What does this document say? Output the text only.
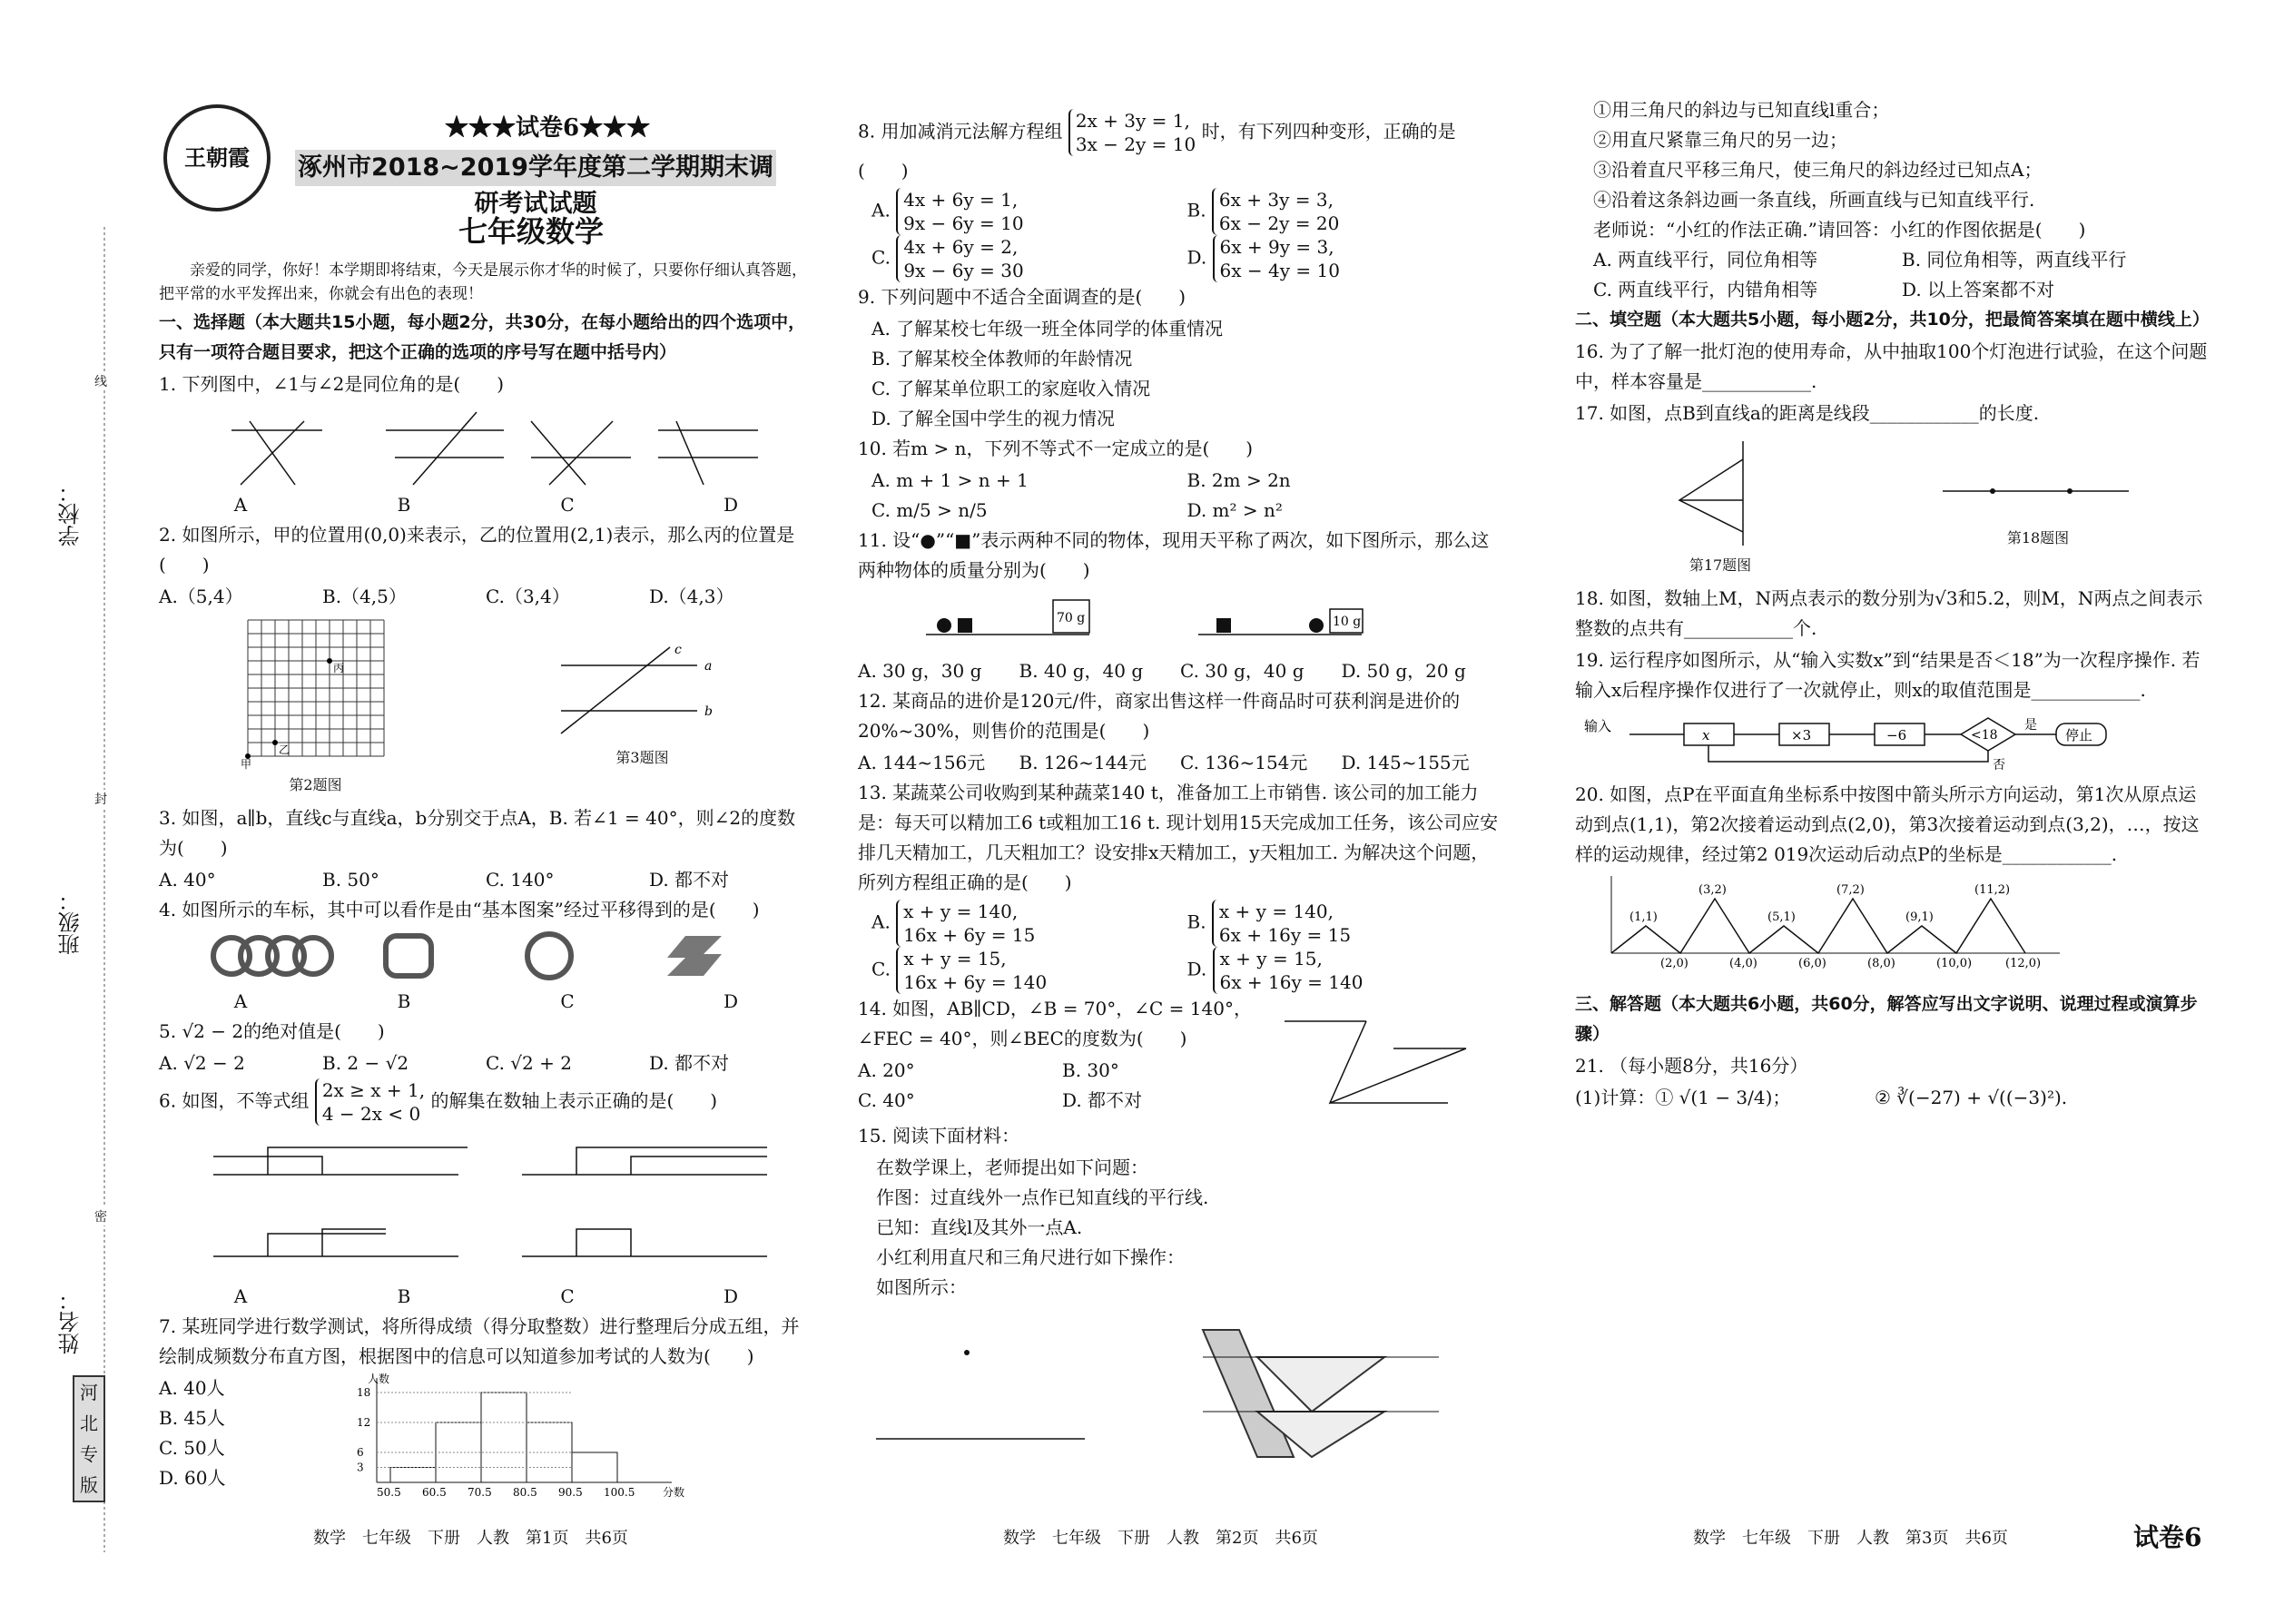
学校：
班级：
姓名：
线
封
密
河北专版
王朝霞
★★★试卷6★★★
涿州市2018~2019学年度第二学期期末调研考试试题
七年级数学
亲爱的同学，你好！本学期即将结束，今天是展示你才华的时候了，只要你仔细认真答题，把平常的水平发挥出来，你就会有出色的表现！
一、选择题（本大题共15小题，每小题2分，共30分，在每小题给出的四个选项中，只有一项符合题目要求，把这个正确的选项的序号写在题中括号内）
1. 下列图中，∠1与∠2是同位角的是(　　)
A	B	C	D
2. 如图所示，甲的位置用(0,0)来表示，乙的位置用(2,1)表示，那么丙的位置是(　　)
A.（5,4）	B.（4,5）	C.（3,4）	D.（4,3）
甲
乙
丙
第2题图
a
b
c
第3题图
3. 如图，a∥b，直线c与直线a，b分别交于点A，B. 若∠1 = 40°，则∠2的度数为(　　)
A. 40°	B. 50°	C. 140°	D. 都不对
4. 如图所示的车标，其中可以看作是由“基本图案”经过平移得到的是(　　)
A	B	C	D
5. √2 − 2的绝对值是(　　)
A. √2 − 2	B. 2 − √2	C. √2 + 2	D. 都不对
6. 如图，不等式组 2x ≥ x + 1,
4 − 2x < 0 的解集在数轴上表示正确的是(　　)
A	B	C	D
7. 某班同学进行数学测试，将所得成绩（得分取整数）进行整理后分成五组，并绘制成频数分布直方图，根据图中的信息可以知道参加考试的人数为(　　)
A. 40人
B. 45人
C. 50人
D. 60人
50.5 60.5 70.5 80.5 90.5 100.5
3
6
12
18
人数
分数
8. 用加减消元法解方程组 2x + 3y = 1,
3x − 2y = 10 时，有下列四种变形，正确的是(　　)
A. 4x + 6y = 1,
9x − 6y = 10
B. 6x + 3y = 3,
6x − 2y = 20
C. 4x + 6y = 2,
9x − 6y = 30
D. 6x + 9y = 3,
6x − 4y = 10
9. 下列问题中不适合全面调查的是(　　)
A. 了解某校七年级一班全体同学的体重情况
B. 了解某校全体教师的年龄情况
C. 了解某单位职工的家庭收入情况
D. 了解全国中学生的视力情况
10. 若m > n，下列不等式不一定成立的是(　　)
A. m + 1 > n + 1	B. 2m > 2n
C. m/5 > n/5	D. m² > n²
11. 设“●”“■”表示两种不同的物体，现用天平称了两次，如下图所示，那么这两种物体的质量分别为(　　)
70 g	10 g
A. 30 g，30 g	B. 40 g，40 g	C. 30 g，40 g	D. 50 g，20 g
12. 某商品的进价是120元/件，商家出售这样一件商品时可获利润是进价的20%~30%，则售价的范围是(　　)
A. 144~156元	B. 126~144元	C. 136~154元	D. 145~155元
13. 某蔬菜公司收购到某种蔬菜140 t，准备加工上市销售. 该公司的加工能力是：每天可以精加工6 t或粗加工16 t. 现计划用15天完成加工任务，该公司应安排几天精加工，几天粗加工？设安排x天精加工，y天粗加工. 为解决这个问题，所列方程组正确的是(　　)
A. x + y = 140,
16x + 6y = 15
B. x + y = 140,
6x + 16y = 15
C. x + y = 15,
16x + 6y = 140
D. x + y = 15,
6x + 16y = 140
14. 如图，AB∥CD，∠B = 70°，∠C = 140°，∠FEC = 40°，则∠BEC的度数为(　　)
A. 20°	B. 30°
C. 40°	D. 都不对
15. 阅读下面材料：
在数学课上，老师提出如下问题：
作图：过直线外一点作已知直线的平行线.
已知：直线l及其外一点A.
小红利用直尺和三角尺进行如下操作：
如图所示：
①用三角尺的斜边与已知直线l重合；
②用直尺紧靠三角尺的另一边；
③沿着直尺平移三角尺，使三角尺的斜边经过已知点A；
④沿着这条斜边画一条直线，所画直线与已知直线平行.
老师说：“小红的作法正确.”请回答：小红的作图依据是(　　)
A. 两直线平行，同位角相等	B. 同位角相等，两直线平行
C. 两直线平行，内错角相等	D. 以上答案都不对
二、填空题（本大题共5小题，每小题2分，共10分，把最简答案填在题中横线上）
16. 为了了解一批灯泡的使用寿命，从中抽取100个灯泡进行试验，在这个问题中，样本容量是____________.
17. 如图，点B到直线a的距离是线段____________的长度.
第17题图
第18题图
18. 如图，数轴上M，N两点表示的数分别为√3和5.2，则M，N两点之间表示整数的点共有____________个.
19. 运行程序如图所示，从“输入实数x”到“结果是否＜18”为一次程序操作. 若输入x后程序操作仅进行了一次就停止，则x的取值范围是____________.
输入
x	×3	−6	<18
是
停止
否
20. 如图，点P在平面直角坐标系中按图中箭头所示方向运动，第1次从原点运动到点(1,1)，第2次接着运动到点(2,0)，第3次接着运动到点(3,2)，…，按这样的运动规律，经过第2 019次运动后动点P的坐标是____________.
(1,1)
(3,2)
(5,1)
(7,2)
(9,1)
(11,2)
(2,0)	(4,0)	(6,0)	(8,0)	(10,0)	(12,0)
三、解答题（本大题共6小题，共60分，解答应写出文字说明、说理过程或演算步骤）
21. （每小题8分，共16分）
(1)计算：① √(1 − 3/4)；	② ∛(−27) + √((−3)²).
数学　七年级　下册　人教　第1页　共6页	数学　七年级　下册　人教　第2页　共6页	数学　七年级　下册　人教　第3页　共6页	试卷6
